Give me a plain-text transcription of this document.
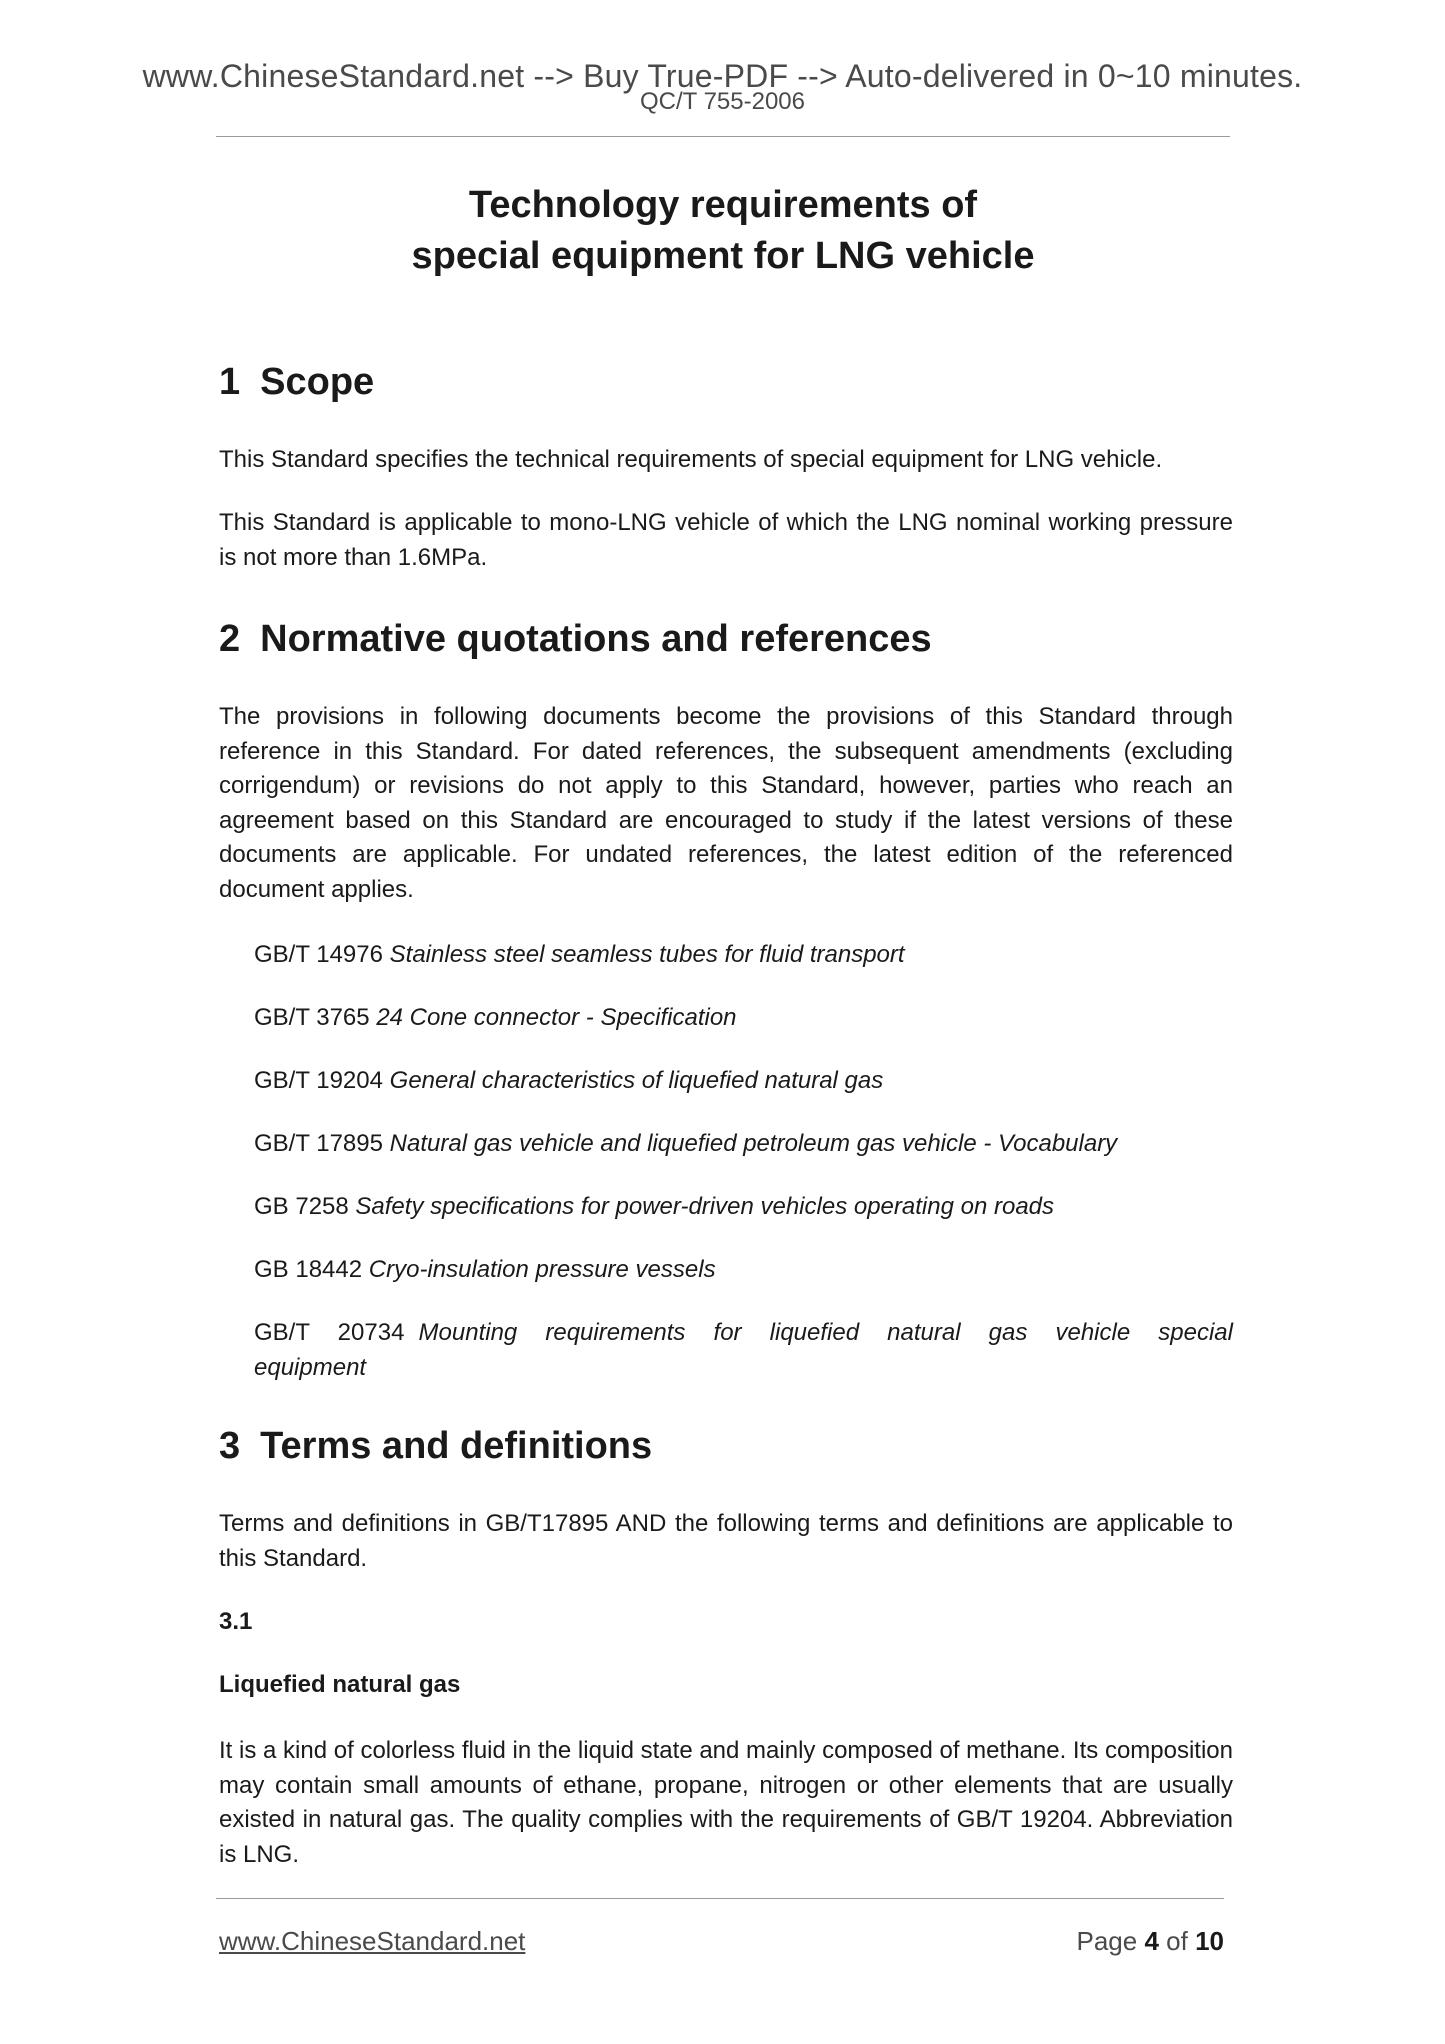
www.ChineseStandard.net --> Buy True-PDF --> Auto-delivered in 0~10 minutes.
QC/T 755-2006
Technology requirements of
special equipment for LNG vehicle
1 Scope
This Standard specifies the technical requirements of special equipment for LNG vehicle.
This Standard is applicable to mono-LNG vehicle of which the LNG nominal working pressure is not more than 1.6MPa.
2 Normative quotations and references
The provisions in following documents become the provisions of this Standard through reference in this Standard. For dated references, the subsequent amendments (excluding corrigendum) or revisions do not apply to this Standard, however, parties who reach an agreement based on this Standard are encouraged to study if the latest versions of these documents are applicable. For undated references, the latest edition of the referenced document applies.
GB/T 14976 Stainless steel seamless tubes for fluid transport
GB/T 3765 24 Cone connector - Specification
GB/T 19204 General characteristics of liquefied natural gas
GB/T 17895 Natural gas vehicle and liquefied petroleum gas vehicle - Vocabulary
GB 7258 Safety specifications for power-driven vehicles operating on roads
GB 18442 Cryo-insulation pressure vessels
GB/T 20734 Mounting requirements for liquefied natural gas vehicle special equipment
3 Terms and definitions
Terms and definitions in GB/T17895 AND the following terms and definitions are applicable to this Standard.
3.1
Liquefied natural gas
It is a kind of colorless fluid in the liquid state and mainly composed of methane. Its composition may contain small amounts of ethane, propane, nitrogen or other elements that are usually existed in natural gas. The quality complies with the requirements of GB/T 19204. Abbreviation is LNG.
www.ChineseStandard.net	Page 4 of 10
